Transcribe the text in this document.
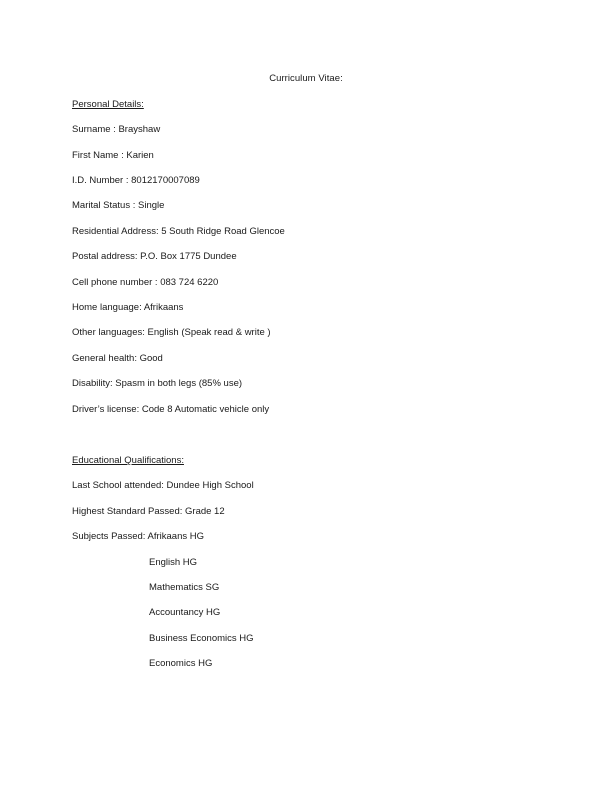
Curriculum Vitae:
Personal Details:
Surname : Brayshaw
First Name : Karien
I.D. Number : 8012170007089
Marital Status : Single
Residential Address: 5 South Ridge Road Glencoe
Postal address: P.O. Box 1775 Dundee
Cell phone number : 083 724 6220
Home language: Afrikaans
Other languages: English (Speak read & write )
General health: Good
Disability: Spasm in both legs (85% use)
Driver’s license: Code 8 Automatic vehicle only
Educational Qualifications:
Last School attended: Dundee High School
Highest Standard Passed: Grade 12
Subjects Passed: Afrikaans HG
English HG
Mathematics SG
Accountancy HG
Business Economics HG
Economics HG
